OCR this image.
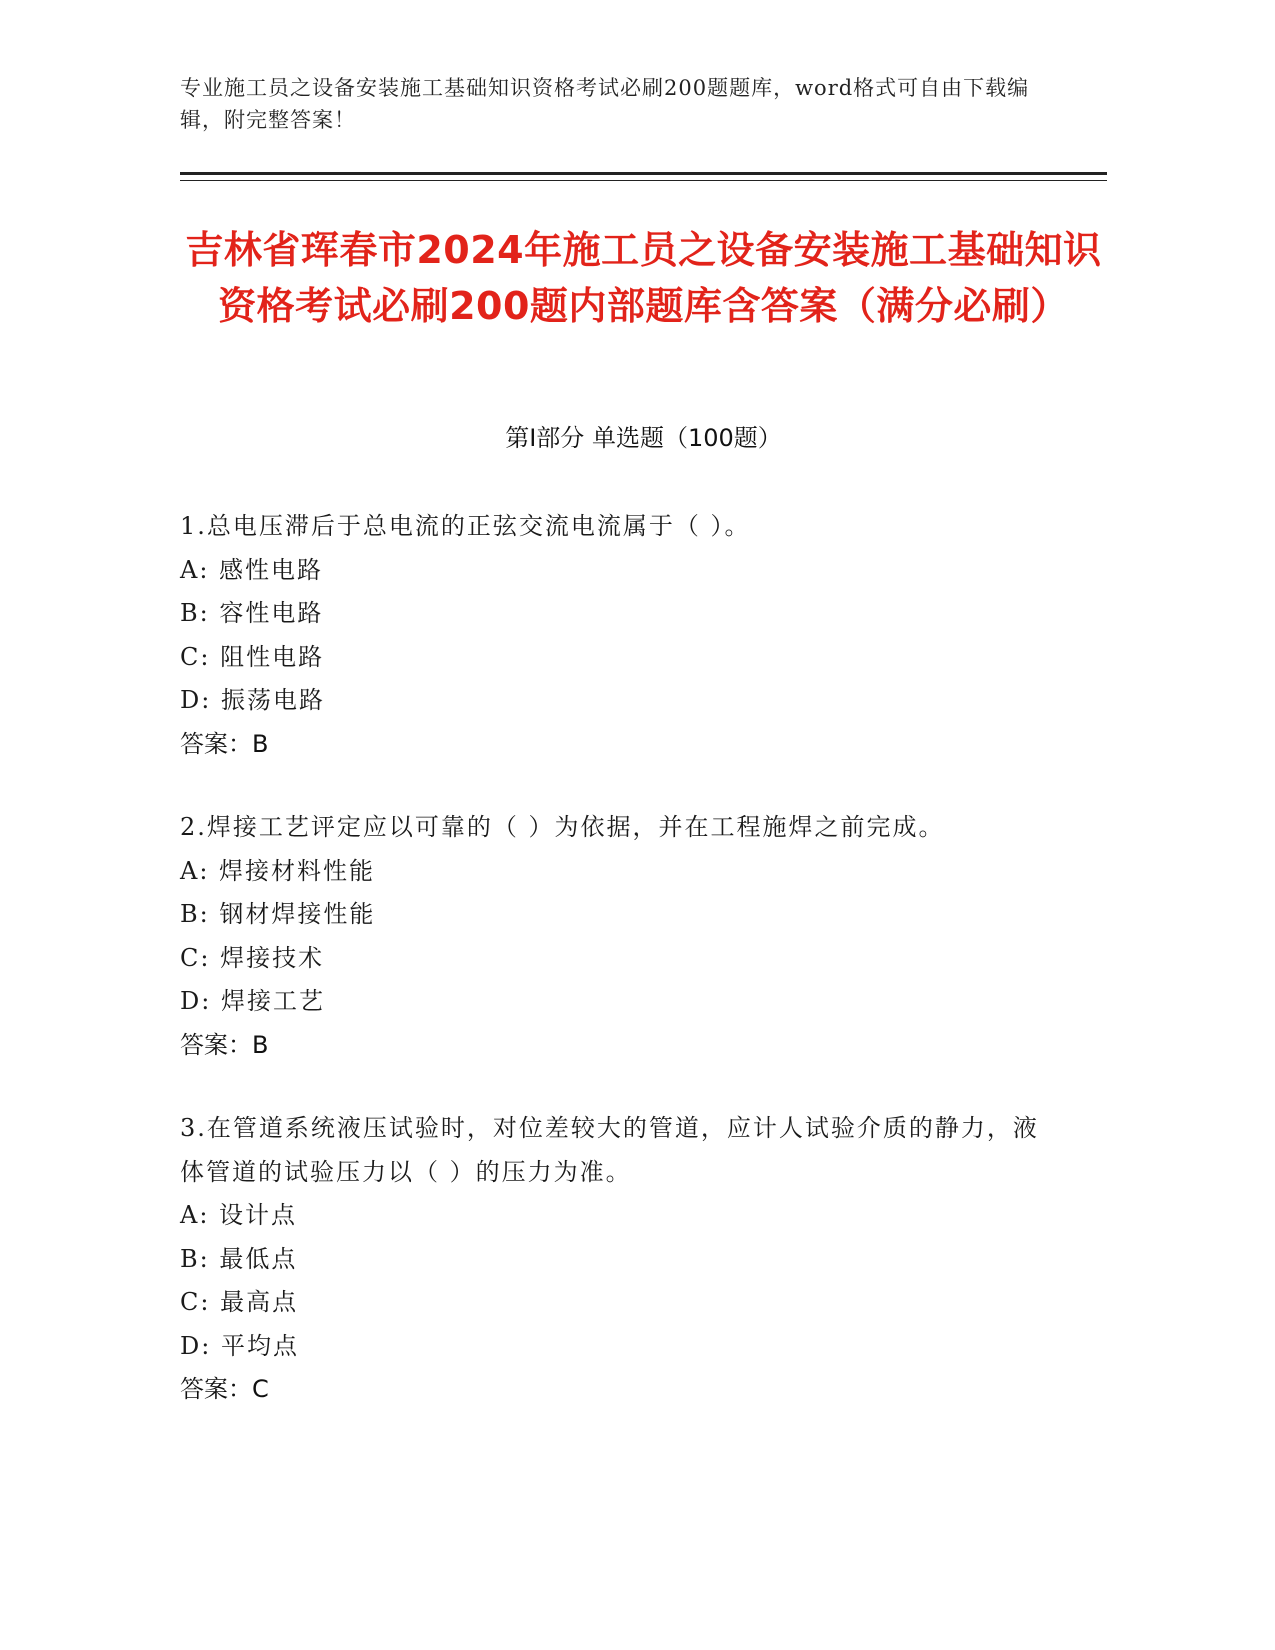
专业施工员之设备安装施工基础知识资格考试必刷200题题库，word格式可自由下载编辑，附完整答案！
吉林省珲春市2024年施工员之设备安装施工基础知识资格考试必刷200题内部题库含答案（满分必刷）
第Ⅰ部分 单选题（100题）
1.总电压滞后于总电流的正弦交流电流属于（ ）。
A: 感性电路
B: 容性电路
C: 阻性电路
D: 振荡电路
答案：B
2.焊接工艺评定应以可靠的（ ）为依据，并在工程施焊之前完成。
A: 焊接材料性能
B: 钢材焊接性能
C: 焊接技术
D: 焊接工艺
答案：B
3.在管道系统液压试验时，对位差较大的管道，应计人试验介质的静力，液体管道的试验压力以（ ）的压力为准。
A: 设计点
B: 最低点
C: 最高点
D: 平均点
答案：C
